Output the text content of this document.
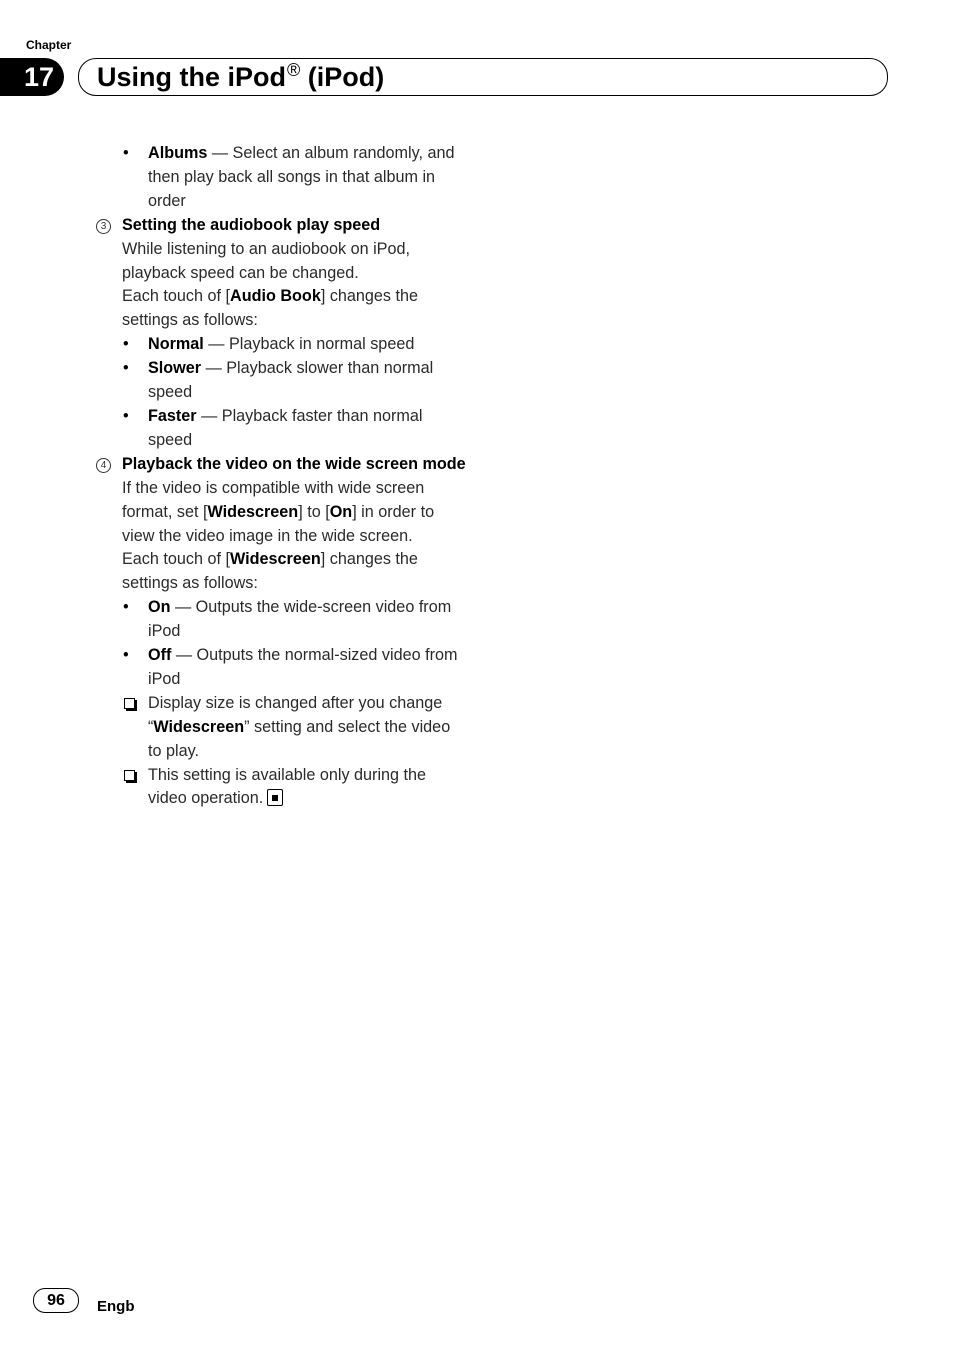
Chapter
17	Using the iPod® (iPod)
• Albums — Select an album randomly, and then play back all songs in that album in order
3 Setting the audiobook play speed
While listening to an audiobook on iPod, playback speed can be changed.
Each touch of [Audio Book] changes the settings as follows:
• Normal — Playback in normal speed
• Slower — Playback slower than normal speed
• Faster — Playback faster than normal speed
4 Playback the video on the wide screen mode
If the video is compatible with wide screen format, set [Widescreen] to [On] in order to view the video image in the wide screen.
Each touch of [Widescreen] changes the settings as follows:
• On — Outputs the wide-screen video from iPod
• Off — Outputs the normal-sized video from iPod
Display size is changed after you change “Widescreen” setting and select the video to play.
This setting is available only during the video operation.
96	Engb
